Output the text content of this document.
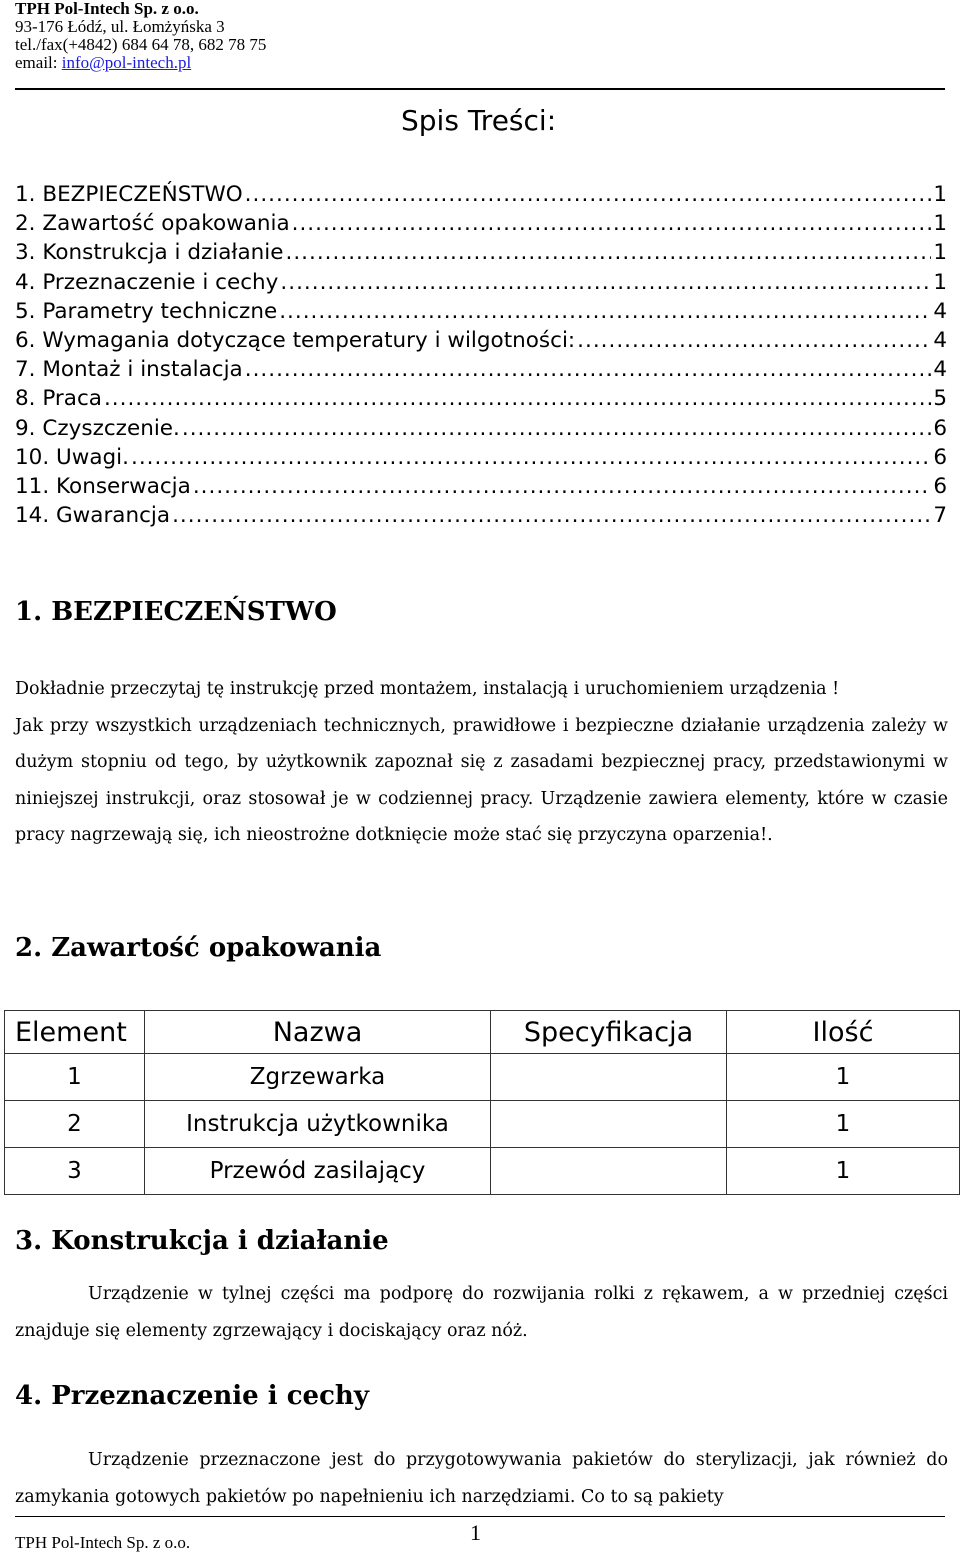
TPH Pol-Intech Sp. z o.o.
93-176 Łódź, ul. Łomżyńska 3
tel./fax(+4842) 684 64 78, 682 78 75
email: info@pol-intech.pl
Spis Treści:
1. BEZPIECZEŃSTWO .....	1
2. Zawartość opakowania .....	1
3. Konstrukcja i działanie .....	1
4. Przeznaczenie i cechy .....	1
5. Parametry techniczne .....	4
6. Wymagania dotyczące temperatury i wilgotności: .....	4
7. Montaż i instalacja .....	4
8. Praca .....	5
9. Czyszczenie. .....	6
10. Uwagi. .....	6
11. Konserwacja .....	6
14. Gwarancja .....	7
1. BEZPIECZEŃSTWO

Dokładnie przeczytaj tę instrukcję przed montażem, instalacją i uruchomieniem urządzenia !

Jak przy wszystkich urządzeniach technicznych, prawidłowe i bezpieczne działanie urządzenia zależy w dużym stopniu od tego, by użytkownik zapoznał się z zasadami bezpiecznej pracy, przedstawionymi w niniejszej instrukcji, oraz stosował je w codziennej pracy. Urządzenie zawiera elementy, które w czasie pracy nagrzewają się, ich nieostrożne dotknięcie może stać się przyczyna oparzenia!.

2. Zawartość opakowania
Element	Nazwa	Specyfikacja	Ilość
1	Zgrzewarka		1
2	Instrukcja użytkownika		1
3	Przewód zasilający		1
3. Konstrukcja i działanie

Urządzenie w tylnej części ma podporę do rozwijania rolki z rękawem, a w przedniej części znajduje się elementy zgrzewający i dociskający oraz nóż.

4. Przeznaczenie i cechy

Urządzenie przeznaczone jest do przygotowywania pakietów do sterylizacji, jak również do zamykania gotowych pakietów po napełnieniu ich narzędziami. Co to są pakiety

1
TPH Pol-Intech Sp. z o.o.
